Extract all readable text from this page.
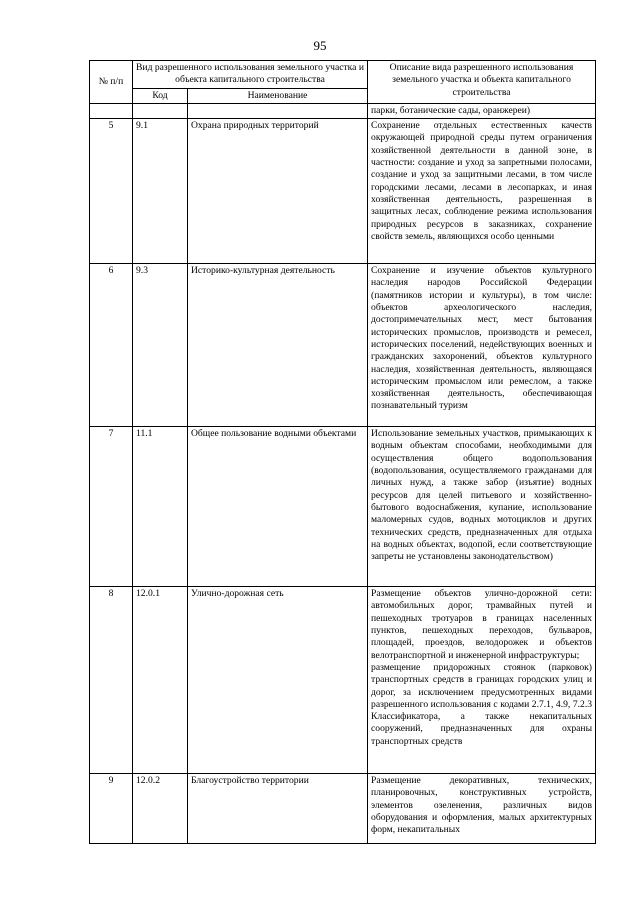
95
№ п/п	Вид разрешенного использования земельного участка и объекта капитального строительства		Описание вида разрешенного использования земельного участка и объекта капитального строительства
	Код	Наименование	
			парки, ботанические сады, оранжереи)
5	9.1	Охрана природных территорий	Сохранение отдельных естественных качеств окружающей природной среды путем ограничения хозяйственной деятельности в данной зоне, в частности: создание и уход за запретными полосами, создание и уход за защитными лесами, в том числе городскими лесами, лесами в лесопарках, и иная хозяйственная деятельность, разрешенная в защитных лесах, соблюдение режима использования природных ресурсов в заказниках, сохранение свойств земель, являющихся особо ценными

6	9.3	Историко-культурная деятельность	Сохранение и изучение объектов культурного наследия народов Российской Федерации (памятников истории и культуры), в том числе: объектов археологического наследия, достопримечательных мест, мест бытования исторических промыслов, производств и ремесел, исторических поселений, недействующих военных и гражданских захоронений, объектов культурного наследия, хозяйственная деятельность, являющаяся историческим промыслом или ремеслом, а также хозяйственная деятельность, обеспечивающая познавательный туризм

7	11.1	Общее пользование водными объектами	Использование земельных участков, примыкающих к водным объектам способами, необходимыми для осуществления общего водопользования (водопользования, осуществляемого гражданами для личных нужд, а также забор (изъятие) водных ресурсов для целей питьевого и хозяйственно-бытового водоснабжения, купание, использование маломерных судов, водных мотоциклов и других технических средств, предназначенных для отдыха на водных объектах, водопой, если соответствующие запреты не установлены законодательством)

8	12.0.1	Улично-дорожная сеть	Размещение объектов улично-дорожной сети: автомобильных дорог, трамвайных путей и пешеходных тротуаров в границах населенных пунктов, пешеходных переходов, бульваров, площадей, проездов, велодорожек и объектов велотранспортной и инженерной инфраструктуры;

размещение придорожных стоянок (парковок) транспортных средств в границах городских улиц и дорог, за исключением предусмотренных видами разрешенного использования с кодами 2.7.1, 4.9, 7.2.3 Классификатора, а также некапитальных сооружений, предназначенных для охраны транспортных средств

9	12.0.2	Благоустройство территории	Размещение декоративных, технических, планировочных, конструктивных устройств, элементов озеленения, различных видов оборудования и оформления, малых архитектурных форм, некапитальных
